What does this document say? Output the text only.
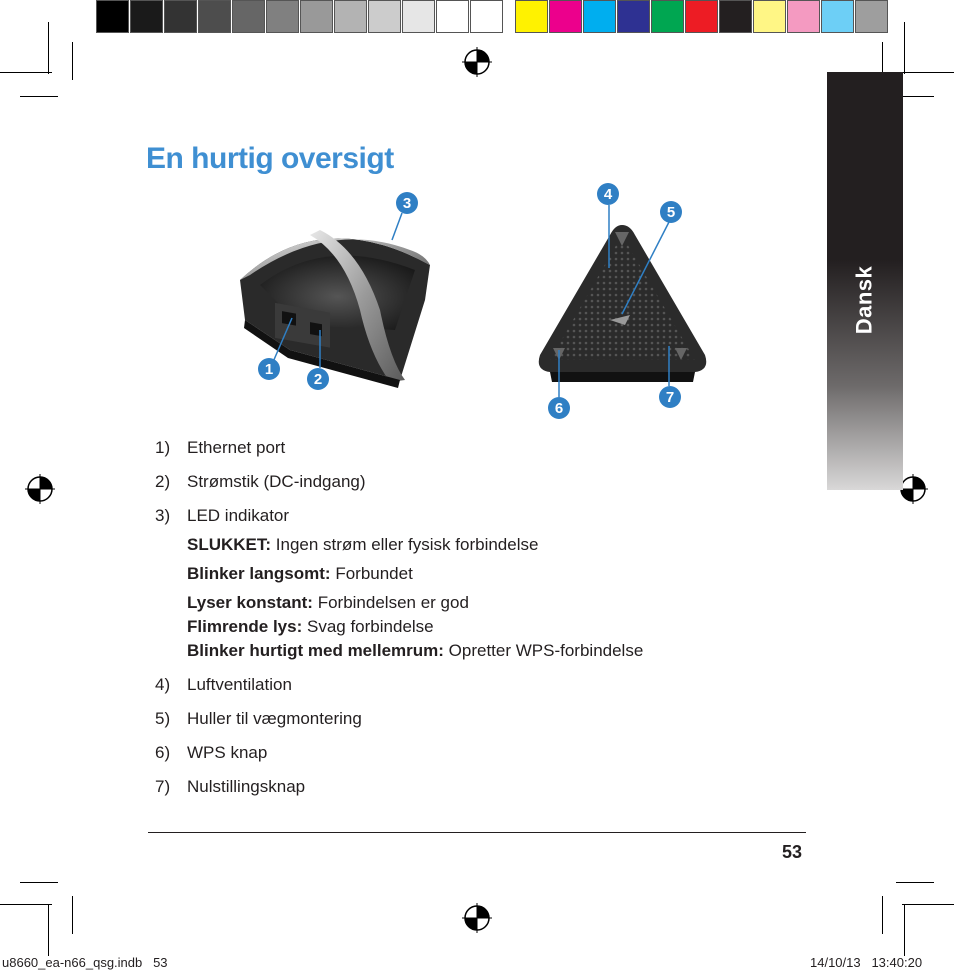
Dansk
En hurtig oversigt
1
2
3
4
5
6
7
1) Ethernet port
2) Strømstik (DC-indgang)
3) LED indikator
SLUKKET: Ingen strøm eller fysisk forbindelse
Blinker langsomt: Forbundet
Lyser konstant: Forbindelsen er god
Flimrende lys: Svag forbindelse
Blinker hurtigt med mellemrum: Opretter WPS-forbindelse
4) Luftventilation
5) Huller til vægmontering
6) WPS knap
7) Nulstillingsknap
53
u8660_ea-n66_qsg.indb   53	14/10/13   13:40:20
